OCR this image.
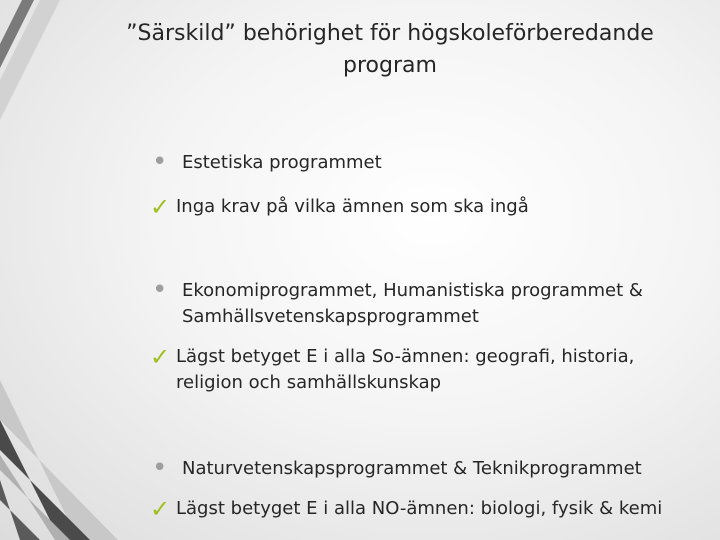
”Särskild” behörighet för högskoleförberedande
program
• Estetiska programmet
✓ Inga krav på vilka ämnen som ska ingå
• Ekonomiprogrammet, Humanistiska programmet &
Samhällsvetenskapsprogrammet
✓ Lägst betyget E i alla So-ämnen: geografi, historia,
religion och samhällskunskap
• Naturvetenskapsprogrammet & Teknikprogrammet
✓ Lägst betyget E i alla NO-ämnen: biologi, fysik & kemi
